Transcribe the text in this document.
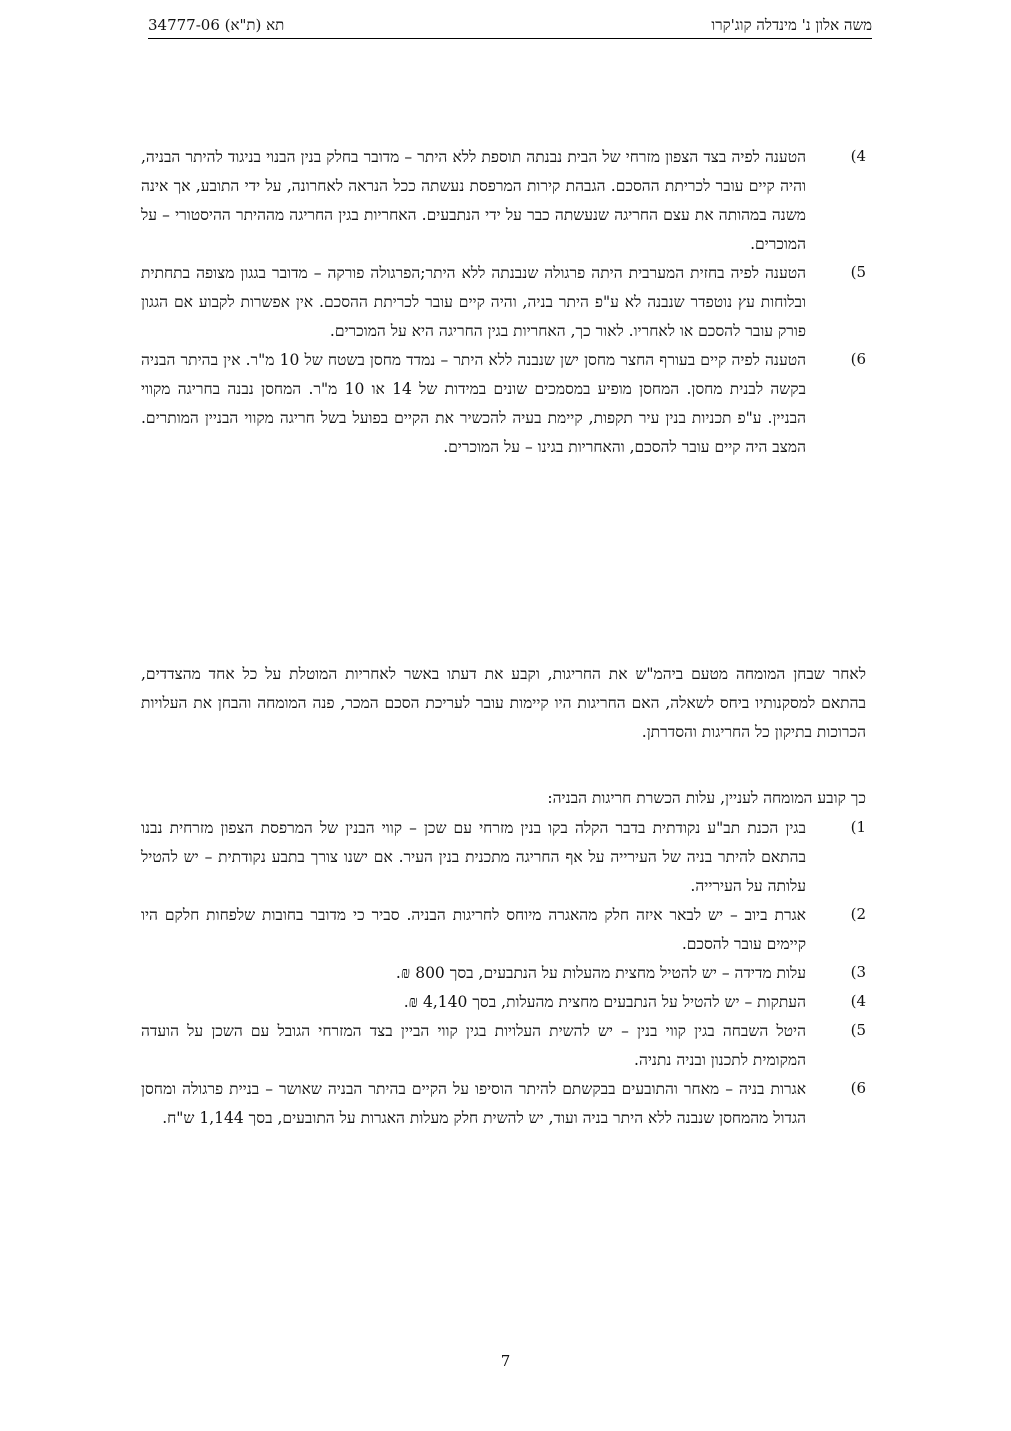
משה אלון נ' מינדלה קוג'קרו
תא (ת"א) 34777-06
4)
הטענה לפיה בצד הצפון מזרחי של הבית נבנתה תוספת ללא היתר – מדובר בחלק בנין הבנוי בניגוד להיתר הבניה, והיה קיים עובר לכריתת ההסכם. הגבהת קירות המרפסת נעשתה ככל הנראה לאחרונה, על ידי התובע, אך אינה משנה במהותה את עצם החריגה שנעשתה כבר על ידי הנתבעים. האחריות בגין החריגה מההיתר ההיסטורי – על המוכרים.
5)
הטענה לפיה בחזית המערבית היתה פרגולה שנבנתה ללא היתר;הפרגולה פורקה – מדובר בגגון מצופה בתחתית ובלוחות עץ נוטפדר שנבנה לא ע"פ היתר בניה, והיה קיים עובר לכריתת ההסכם. אין אפשרות לקבוע אם הגגון פורק עובר להסכם או לאחריו. לאור כך, האחריות בגין החריגה היא על המוכרים.
6)
הטענה לפיה קיים בעורף החצר מחסן ישן שנבנה ללא היתר – נמדד מחסן בשטח של 10 מ"ר. אין בהיתר הבניה בקשה לבנית מחסן. המחסן מופיע במסמכים שונים במידות של 14 או 10 מ"ר. המחסן נבנה בחריגה מקווי הבניין. ע"פ תכניות בנין עיר תקפות, קיימת בעיה להכשיר את הקיים בפועל בשל חריגה מקווי הבניין המותרים. המצב היה קיים עובר להסכם, והאחריות בגינו – על המוכרים.

לאחר שבחן המומחה מטעם ביהמ"ש את החריגות, וקבע את דעתו באשר לאחריות המוטלת על כל אחד מהצדדים, בהתאם למסקנותיו ביחס לשאלה, האם החריגות היו קיימות עובר לעריכת הסכם המכר, פנה המומחה והבחן את העלויות הכרוכות בתיקון כל החריגות והסדרתן.

כך קובע המומחה לעניין, עלות הכשרת חריגות הבניה:

1)
בגין הכנת תב"ע נקודתית בדבר הקלה בקו בנין מזרחי עם שכן – קווי הבנין של המרפסת הצפון מזרחית נבנו בהתאם להיתר בניה של העירייה על אף החריגה מתכנית בנין העיר. אם ישנו צורך בתבע נקודתית – יש להטיל עלותה על העירייה.
2)
אגרת ביוב – יש לבאר איזה חלק מהאגרה מיוחס לחריגות הבניה. סביר כי מדובר בחובות שלפחות חלקם היו קיימים עובר להסכם.
3)
עלות מדידה – יש להטיל מחצית מהעלות על הנתבעים, בסך 800 ₪.
4)
העתקות – יש להטיל על הנתבעים מחצית מהעלות, בסך 4,140 ₪.
5)
היטל השבחה בגין קווי בנין – יש להשית העלויות בגין קווי הביין בצד המזרחי הגובל עם השכן על הועדה המקומית לתכנון ובניה נתניה.
6)
אגרות בניה – מאחר והתובעים בבקשתם להיתר הוסיפו על הקיים בהיתר הבניה שאושר – בניית פרגולה ומחסן הגדול מהמחסן שנבנה ללא היתר בניה ועוד, יש להשית חלק מעלות האגרות על התובעים, בסך 1,144 ש"ח.
7
